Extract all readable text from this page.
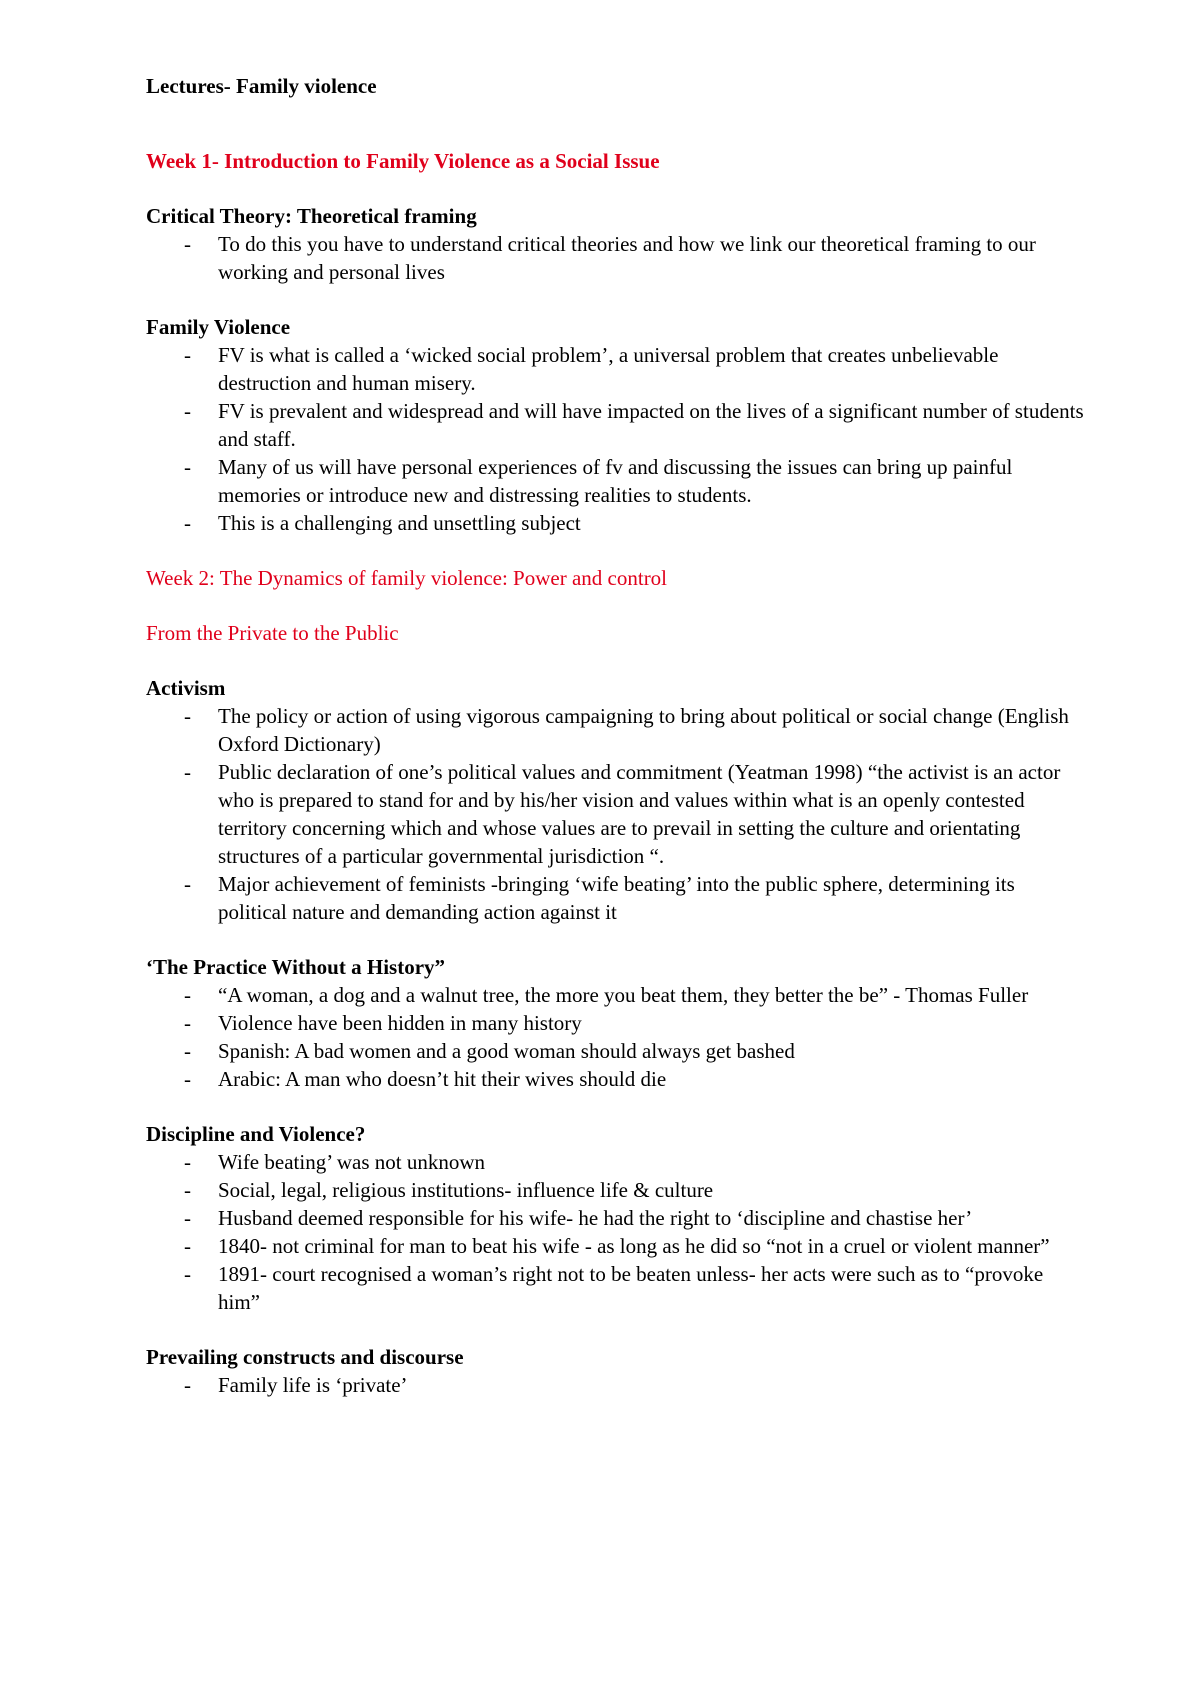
Lectures- Family violence

Week 1- Introduction to Family Violence as a Social Issue

Critical Theory: Theoretical framing

- To do this you have to understand critical theories and how we link our theoretical framing to our working and personal lives

Family Violence

- FV is what is called a ‘wicked social problem’, a universal problem that creates unbelievable destruction and human misery.
- FV is prevalent and widespread and will have impacted on the lives of a significant number of students and staff.
- Many of us will have personal experiences of fv and discussing the issues can bring up painful memories or introduce new and distressing realities to students.
- This is a challenging and unsettling subject

Week 2: The Dynamics of family violence: Power and control

From the Private to the Public

Activism

- The policy or action of using vigorous campaigning to bring about political or social change (English Oxford Dictionary)
- Public declaration of one’s political values and commitment (Yeatman 1998) “the activist is an actor who is prepared to stand for and by his/her vision and values within what is an openly contested territory concerning which and whose values are to prevail in setting the culture and orientating structures of a particular governmental jurisdiction “.
- Major achievement of feminists -bringing ‘wife beating’ into the public sphere, determining its political nature and demanding action against it

‘The Practice Without a History”

- “A woman, a dog and a walnut tree, the more you beat them, they better the be” - Thomas Fuller
- Violence have been hidden in many history
- Spanish: A bad women and a good woman should always get bashed
- Arabic: A man who doesn’t hit their wives should die

Discipline and Violence?

- Wife beating’ was not unknown
- Social, legal, religious institutions- influence life & culture
- Husband deemed responsible for his wife- he had the right to ‘discipline and chastise her’
- 1840- not criminal for man to beat his wife - as long as he did so “not in a cruel or violent manner”
- 1891- court recognised a woman’s right not to be beaten unless- her acts were such as to “provoke him”

Prevailing constructs and discourse

- Family life is ‘private’
